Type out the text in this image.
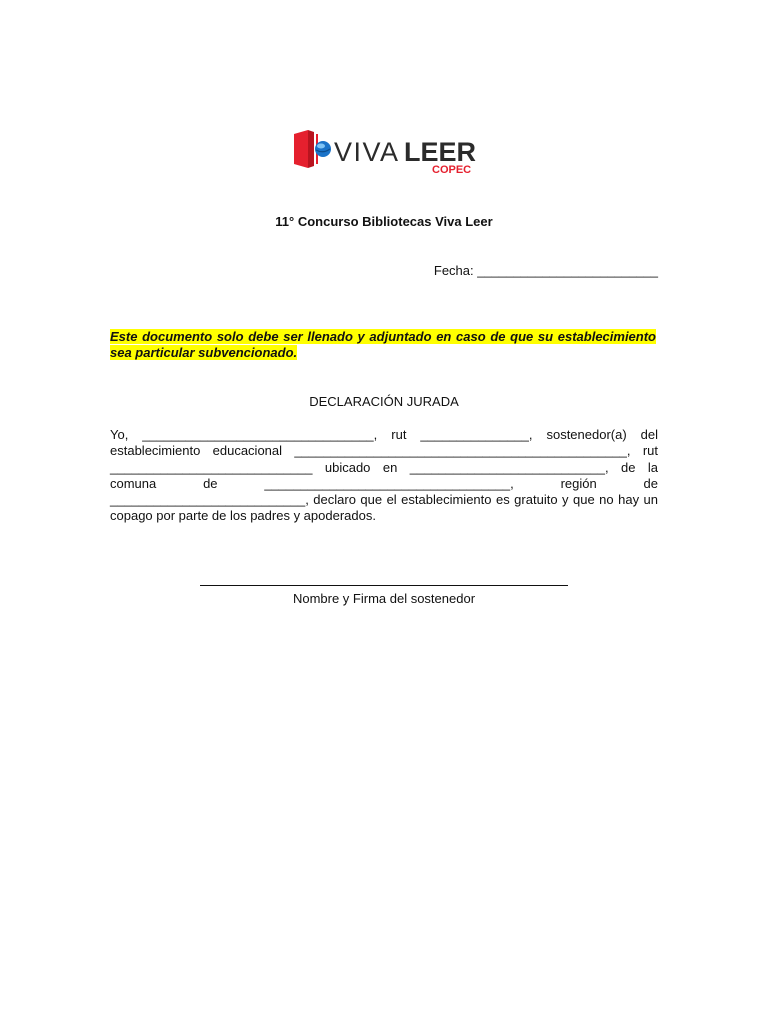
VIVA LEER
COPEC
11° Concurso Bibliotecas Viva Leer
Fecha: _________________________
Este documento solo debe ser llenado y adjuntado en caso de que su establecimiento sea particular subvencionado.
DECLARACIÓN JURADA
Yo, ________________________________, rut _______________, sostenedor(a) del establecimiento educacional ______________________________________________, rut ____________________________ ubicado en ___________________________, de la comuna de __________________________________, región de ___________________________, declaro que el establecimiento es gratuito y que no hay un copago por parte de los padres y apoderados.
Nombre y Firma del sostenedor
